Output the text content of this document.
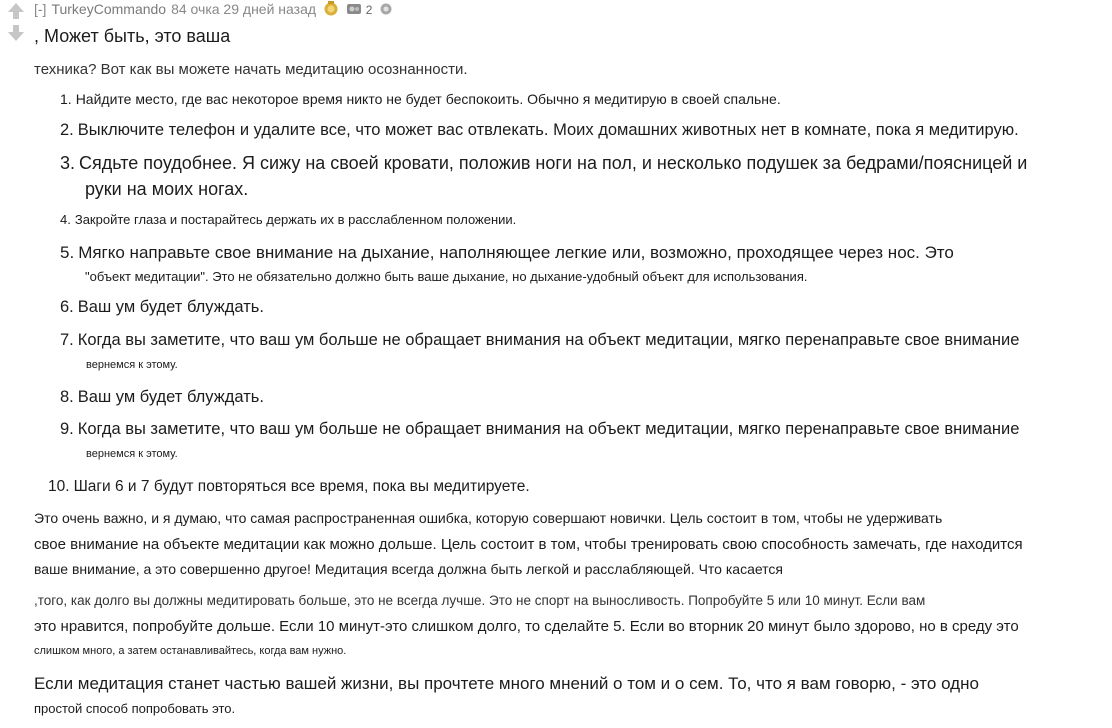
[-] TurkeyCommando 84 очка 29 дней назад	2
, Может быть, это ваша
техника? Вот как вы можете начать медитацию осознанности.
1. Найдите место, где вас некоторое время никто не будет беспокоить. Обычно я медитирую в своей спальне.
2. Выключите телефон и удалите все, что может вас отвлекать. Моих домашних животных нет в комнате, пока я медитирую.
3. Сядьте поудобнее. Я сижу на своей кровати, положив ноги на пол, и несколько подушек за бедрами/поясницей и
руки на моих ногах.
4. Закройте глаза и постарайтесь держать их в расслабленном положении.
5. Мягко направьте свое внимание на дыхание, наполняющее легкие или, возможно, проходящее через нос. Это
"объект медитации". Это не обязательно должно быть ваше дыхание, но дыхание-удобный объект для использования.
6. Ваш ум будет блуждать.
7. Когда вы заметите, что ваш ум больше не обращает внимания на объект медитации, мягко перенаправьте свое внимание
вернемся к этому.
8. Ваш ум будет блуждать.
9. Когда вы заметите, что ваш ум больше не обращает внимания на объект медитации, мягко перенаправьте свое внимание
вернемся к этому.
10. Шаги 6 и 7 будут повторяться все время, пока вы медитируете.
Это очень важно, и я думаю, что самая распространенная ошибка, которую совершают новички. Цель состоит в том, чтобы не удерживать
свое внимание на объекте медитации как можно дольше. Цель состоит в том, чтобы тренировать свою способность замечать, где находится
ваше внимание, а это совершенно другое! Медитация всегда должна быть легкой и расслабляющей. Что касается
,того, как долго вы должны медитировать больше, это не всегда лучше. Это не спорт на выносливость. Попробуйте 5 или 10 минут. Если вам
это нравится, попробуйте дольше. Если 10 минут-это слишком долго, то сделайте 5. Если во вторник 20 минут было здорово, но в среду это
слишком много, а затем останавливайтесь, когда вам нужно.
Если медитация станет частью вашей жизни, вы прочтете много мнений о том и о сем. То, что я вам говорю, - это одно
простой способ попробовать это.
